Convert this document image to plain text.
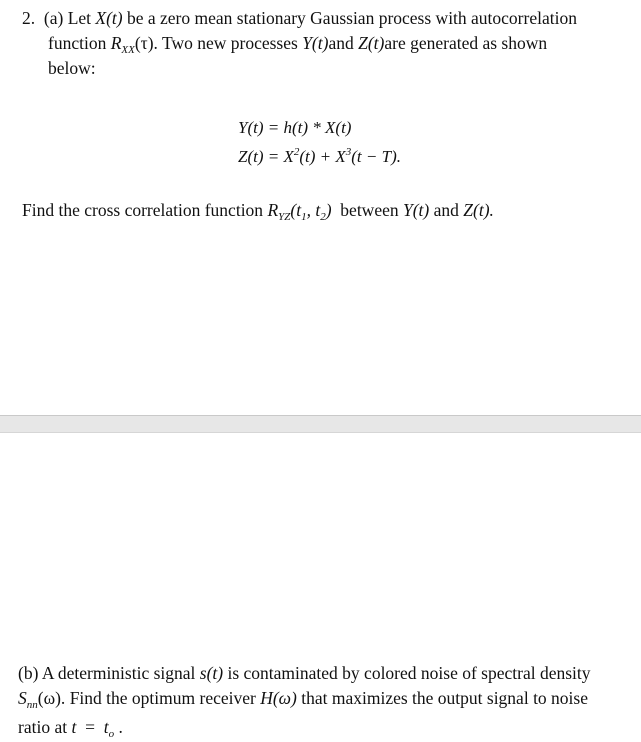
2. (a) Let X(t) be a zero mean stationary Gaussian process with autocorrelation
function $R_{XX}(\tau)$. Two new processes Y(t)and Z(t)are generated as shown
below:
Y(t) = h(t) * X(t)
$Z(t) = X^2(t) + X^3(t - T)$.
Find the cross correlation function $R_{YZ}(t_1$, $t_2$) between Y(t) and Z(t).
(b) A deterministic signal s(t) is contaminated by colored noise of spectral density
$S_{nn}(\omega)$. Find the optimum receiver H(ω) that maximizes the output signal to noise
ratio at $t = t_o$ .
